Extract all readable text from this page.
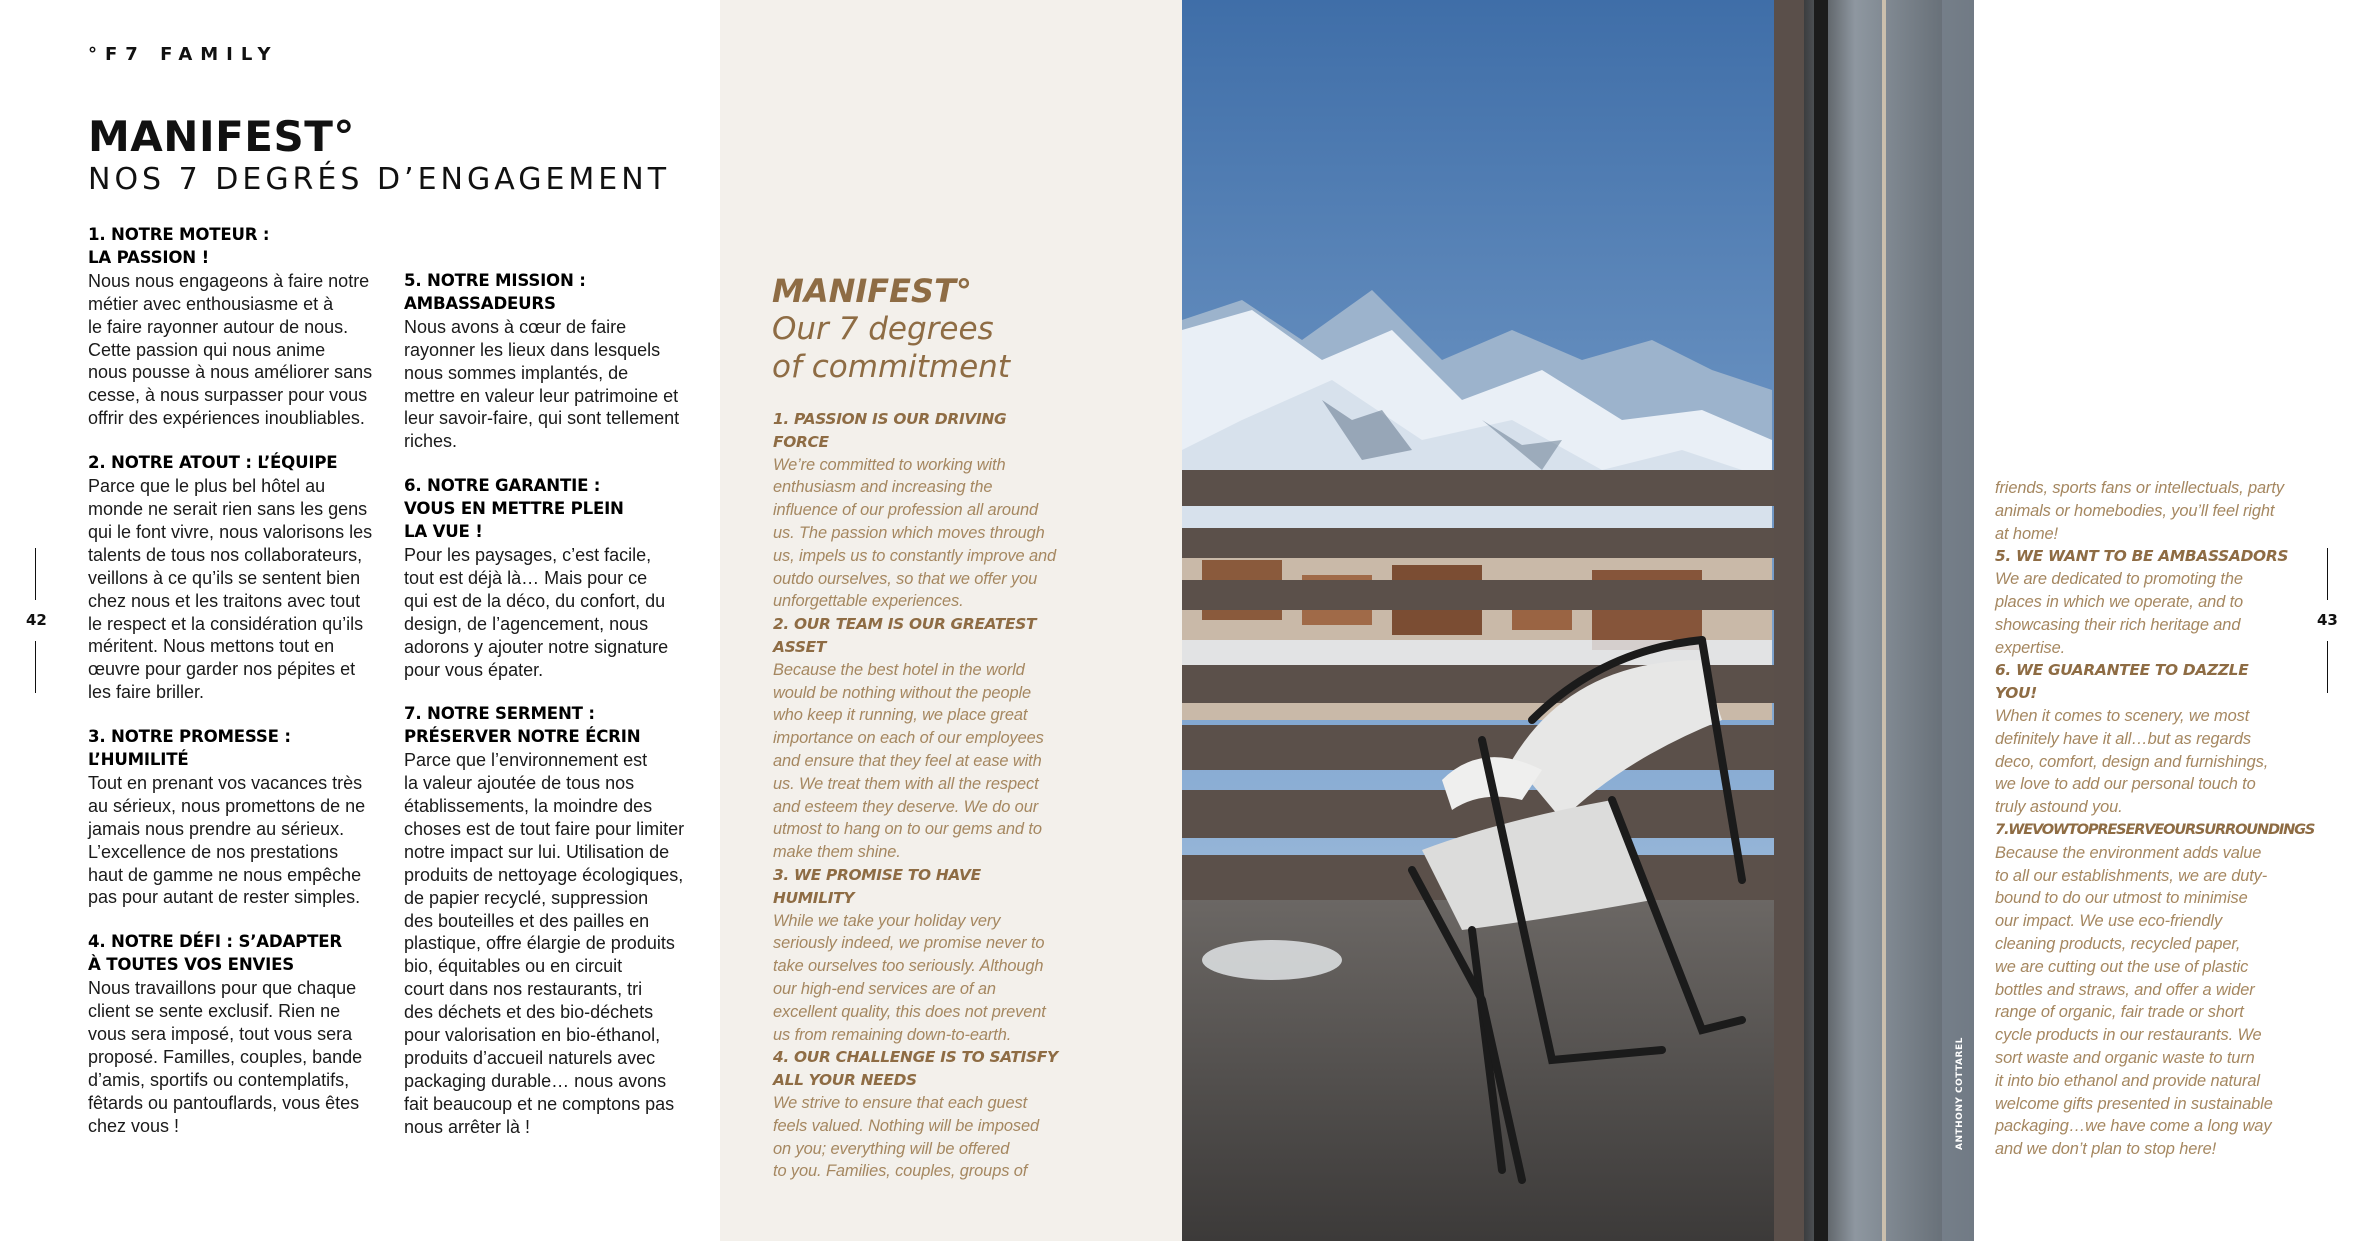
°F7 FAMILY
MANIFEST°
NOS 7 DEGRÉS D’ENGAGEMENT
1. NOTRE MOTEUR :
LA PASSION !
Nous nous engageons à faire notre
métier avec enthousiasme et à
le faire rayonner autour de nous.
Cette passion qui nous anime
nous pousse à nous améliorer sans
cesse, à nous surpasser pour vous
offrir des expériences inoubliables.
2. NOTRE ATOUT : L’ÉQUIPE
Parce que le plus bel hôtel au
monde ne serait rien sans les gens
qui le font vivre, nous valorisons les
talents de tous nos collaborateurs,
veillons à ce qu’ils se sentent bien
chez nous et les traitons avec tout
le respect et la considération qu’ils
méritent. Nous mettons tout en
œuvre pour garder nos pépites et
les faire briller.
3. NOTRE PROMESSE :
L’HUMILITÉ
Tout en prenant vos vacances très
au sérieux, nous promettons de ne
jamais nous prendre au sérieux.
L’excellence de nos prestations
haut de gamme ne nous empêche
pas pour autant de rester simples.
4. NOTRE DÉFI : S’ADAPTER
À TOUTES VOS ENVIES
Nous travaillons pour que chaque
client se sente exclusif. Rien ne
vous sera imposé, tout vous sera
proposé. Familles, couples, bande
d’amis, sportifs ou contemplatifs,
fêtards ou pantouflards, vous êtes
chez vous !
5. NOTRE MISSION :
AMBASSADEURS
Nous avons à cœur de faire
rayonner les lieux dans lesquels
nous sommes implantés, de
mettre en valeur leur patrimoine et
leur savoir-faire, qui sont tellement
riches.
6. NOTRE GARANTIE :
VOUS EN METTRE PLEIN
LA VUE !
Pour les paysages, c’est facile,
tout est déjà là… Mais pour ce
qui est de la déco, du confort, du
design, de l’agencement, nous
adorons y ajouter notre signature
pour vous épater.
7. NOTRE SERMENT :
PRÉSERVER NOTRE ÉCRIN
Parce que l’environnement est
la valeur ajoutée de tous nos
établissements, la moindre des
choses est de tout faire pour limiter
notre impact sur lui. Utilisation de
produits de nettoyage écologiques,
de papier recyclé, suppression
des bouteilles et des pailles en
plastique, offre élargie de produits
bio, équitables ou en circuit
court dans nos restaurants, tri
des déchets et des bio-déchets
pour valorisation en bio-éthanol,
produits d’accueil naturels avec
packaging durable… nous avons
fait beaucoup et ne comptons pas
nous arrêter là !
42
MANIFEST°
Our 7 degrees
of commitment
1. PASSION IS OUR DRIVING FORCE
We’re committed to working with
enthusiasm and increasing the
influence of our profession all around
us. The passion which moves through
us, impels us to constantly improve and
outdo ourselves, so that we offer you
unforgettable experiences.
2. OUR TEAM IS OUR GREATEST
ASSET
Because the best hotel in the world
would be nothing without the people
who keep it running, we place great
importance on each of our employees
and ensure that they feel at ease with
us. We treat them with all the respect
and esteem they deserve. We do our
utmost to hang on to our gems and to
make them shine.
3. WE PROMISE TO HAVE HUMILITY
While we take your holiday very
seriously indeed, we promise never to
take ourselves too seriously. Although
our high-end services are of an
excellent quality, this does not prevent
us from remaining down-to-earth.
4. OUR CHALLENGE IS TO SATISFY
ALL YOUR NEEDS
We strive to ensure that each guest
feels valued. Nothing will be imposed
on you; everything will be offered
to you. Families, couples, groups of
ANTHONY COTTAREL
friends, sports fans or intellectuals, party
animals or homebodies, you’ll feel right
at home!
5. WE WANT TO BE AMBASSADORS
We are dedicated to promoting the
places in which we operate, and to
showcasing their rich heritage and
expertise.
6. WE GUARANTEE TO DAZZLE YOU!
When it comes to scenery, we most
definitely have it all…but as regards
deco, comfort, design and furnishings,
we love to add our personal touch to
truly astound you.
7.WEVOWTOPRESERVEOURSURROUNDINGS
Because the environment adds value
to all our establishments, we are duty-
bound to do our utmost to minimise
our impact. We use eco-friendly
cleaning products, recycled paper,
we are cutting out the use of plastic
bottles and straws, and offer a wider
range of organic, fair trade or short
cycle products in our restaurants. We
sort waste and organic waste to turn
it into bio ethanol and provide natural
welcome gifts presented in sustainable
packaging…we have come a long way
and we don’t plan to stop here!
43
